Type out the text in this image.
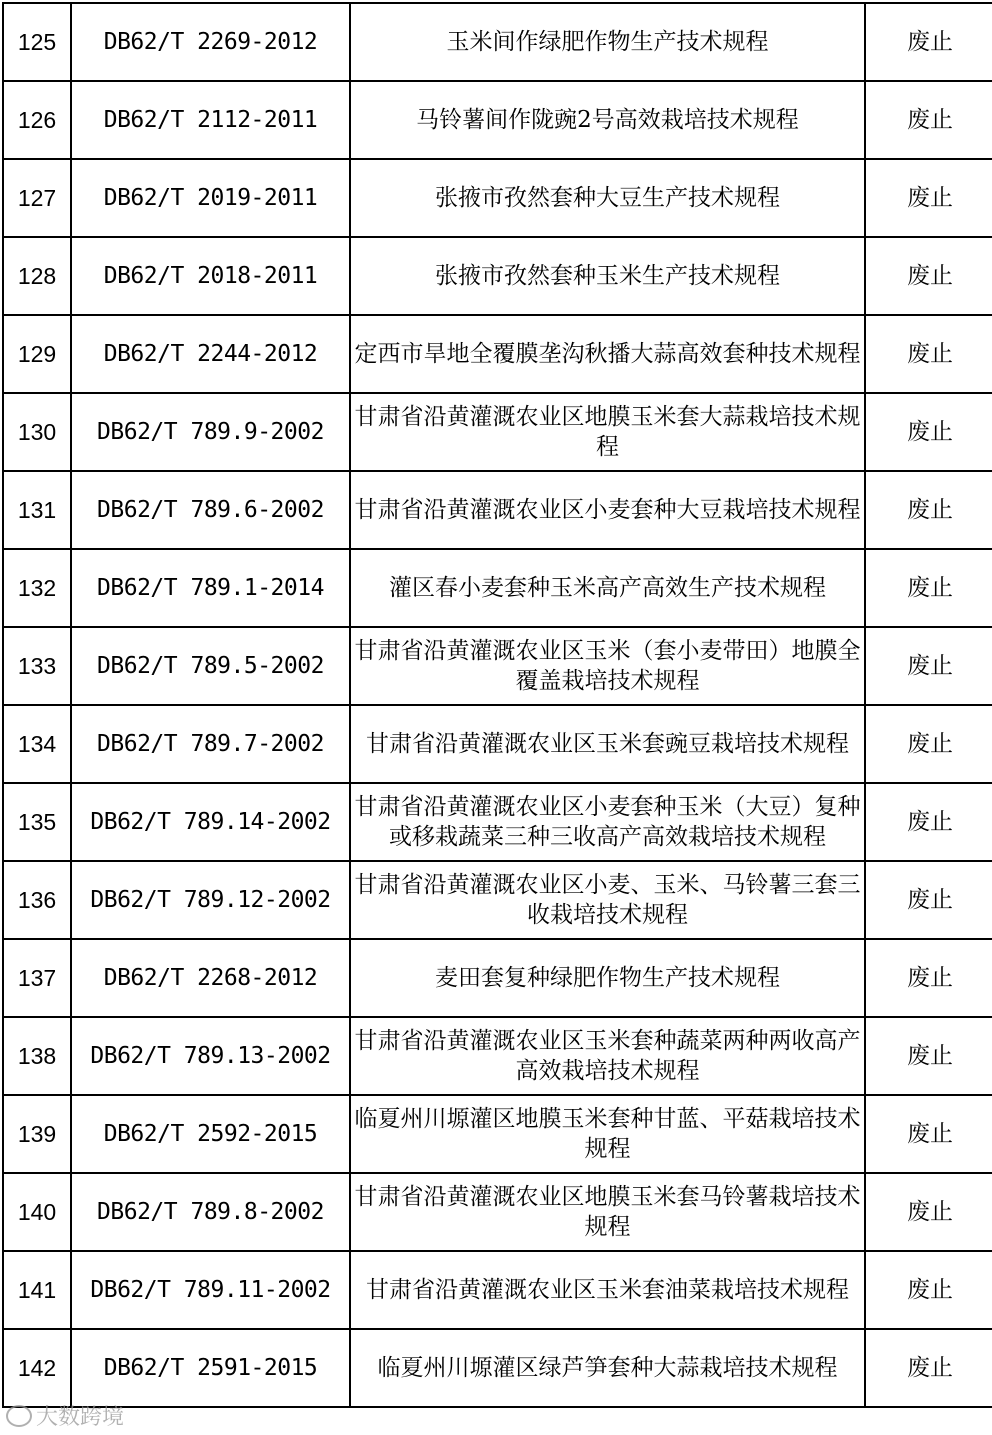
125	DB62/T 2269-2012	玉米间作绿肥作物生产技术规程	废止
126	DB62/T 2112-2011	马铃薯间作陇豌2号高效栽培技术规程	废止
127	DB62/T 2019-2011	张掖市孜然套种大豆生产技术规程	废止
128	DB62/T 2018-2011	张掖市孜然套种玉米生产技术规程	废止
129	DB62/T 2244-2012	定西市旱地全覆膜垄沟秋播大蒜高效套种技术规程	废止
130	DB62/T 789.9-2002	甘肃省沿黄灌溉农业区地膜玉米套大蒜栽培技术规程	废止
131	DB62/T 789.6-2002	甘肃省沿黄灌溉农业区小麦套种大豆栽培技术规程	废止
132	DB62/T 789.1-2014	灌区春小麦套种玉米高产高效生产技术规程	废止
133	DB62/T 789.5-2002	甘肃省沿黄灌溉农业区玉米（套小麦带田）地膜全覆盖栽培技术规程	废止
134	DB62/T 789.7-2002	甘肃省沿黄灌溉农业区玉米套豌豆栽培技术规程	废止
135	DB62/T 789.14-2002	甘肃省沿黄灌溉农业区小麦套种玉米（大豆）复种或移栽蔬菜三种三收高产高效栽培技术规程	废止
136	DB62/T 789.12-2002	甘肃省沿黄灌溉农业区小麦、玉米、马铃薯三套三收栽培技术规程	废止
137	DB62/T 2268-2012	麦田套复种绿肥作物生产技术规程	废止
138	DB62/T 789.13-2002	甘肃省沿黄灌溉农业区玉米套种蔬菜两种两收高产高效栽培技术规程	废止
139	DB62/T 2592-2015	临夏州川塬灌区地膜玉米套种甘蓝、平菇栽培技术规程	废止
140	DB62/T 789.8-2002	甘肃省沿黄灌溉农业区地膜玉米套马铃薯栽培技术规程	废止
141	DB62/T 789.11-2002	甘肃省沿黄灌溉农业区玉米套油菜栽培技术规程	废止
142	DB62/T 2591-2015	临夏州川塬灌区绿芦笋套种大蒜栽培技术规程	废止
大数跨境
